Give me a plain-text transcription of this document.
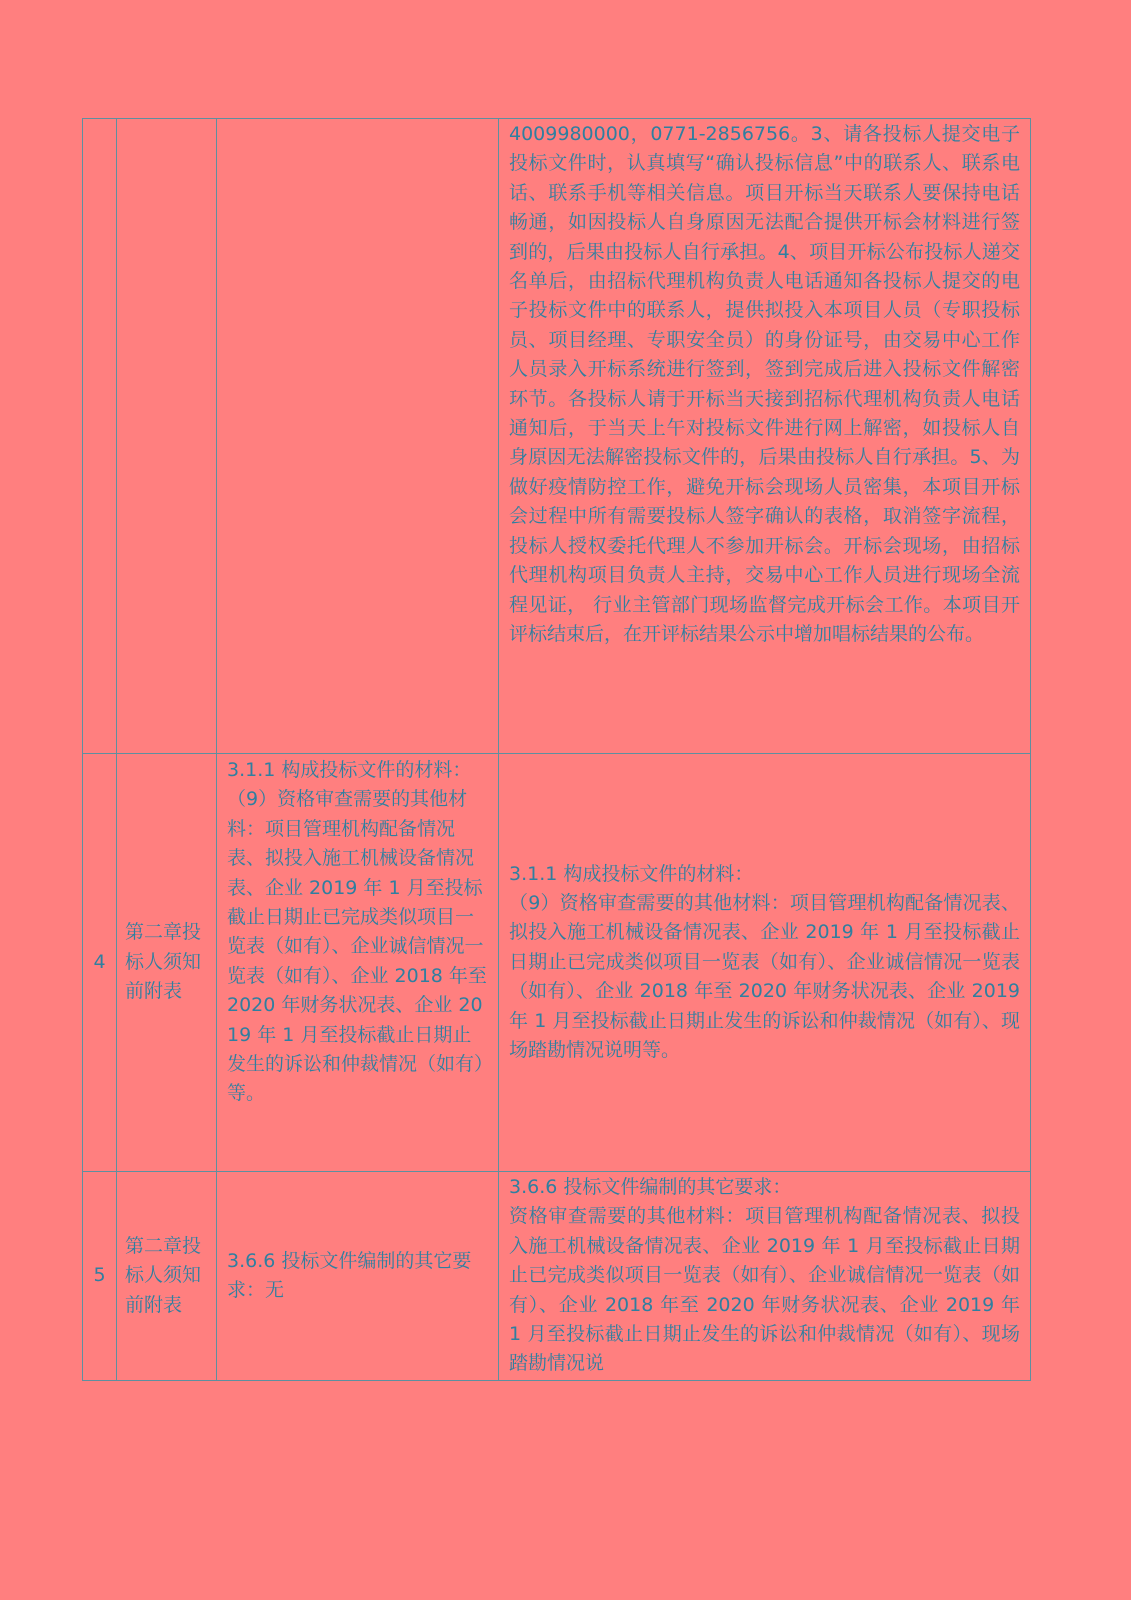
			4009980000，0771-2856756。3、请各投标人提交电子投标文件时，认真填写“确认投标信息”中的联系人、联系电话、联系手机等相关信息。项目开标当天联系人要保持电话畅通，如因投标人自身原因无法配合提供开标会材料进行签到的，后果由投标人自行承担。4、项目开标公布投标人递交名单后，由招标代理机构负责人电话通知各投标人提交的电子投标文件中的联系人，提供拟投入本项目人员（专职投标员、项目经理、专职安全员）的身份证号，由交易中心工作人员录入开标系统进行签到，签到完成后进入投标文件解密环节。各投标人请于开标当天接到招标代理机构负责人电话通知后，于当天上午对投标文件进行网上解密，如投标人自身原因无法解密投标文件的，后果由投标人自行承担。5、为做好疫情防控工作，避免开标会现场人员密集，本项目开标会过程中所有需要投标人签字确认的表格，取消签字流程，投标人授权委托代理人不参加开标会。开标会现场，由招标代理机构项目负责人主持，交易中心工作人员进行现场全流程见证， 行业主管部门现场监督完成开标会工作。本项目开评标结束后，在开评标结果公示中增加唱标结果的公布。

4	第二章投标人须知前附表	3.1.1 构成投标文件的材料：
（9）资格审查需要的其他材料：项目管理机构配备情况表、拟投入施工机械设备情况表、企业 2019 年 1 月至投标截止日期止已完成类似项目一览表（如有）、企业诚信情况一览表（如有）、企业 2018 年至 2020 年财务状况表、企业 2019 年 1 月至投标截止日期止发生的诉讼和仲裁情况（如有）等。	3.1.1 构成投标文件的材料：
（9）资格审查需要的其他材料：项目管理机构配备情况表、拟投入施工机械设备情况表、企业 2019 年 1 月至投标截止日期止已完成类似项目一览表（如有）、企业诚信情况一览表（如有）、企业 2018 年至 2020 年财务状况表、企业 2019 年 1 月至投标截止日期止发生的诉讼和仲裁情况（如有）、现场踏勘情况说明等。

5	第二章投标人须知前附表	3.6.6 投标文件编制的其它要求：无	3.6.6 投标文件编制的其它要求：
资格审查需要的其他材料：项目管理机构配备情况表、拟投入施工机械设备情况表、企业 2019 年 1 月至投标截止日期止已完成类似项目一览表（如有）、企业诚信情况一览表（如有）、企业 2018 年至 2020 年财务状况表、企业 2019 年 1 月至投标截止日期止发生的诉讼和仲裁情况（如有）、现场踏勘情况说
